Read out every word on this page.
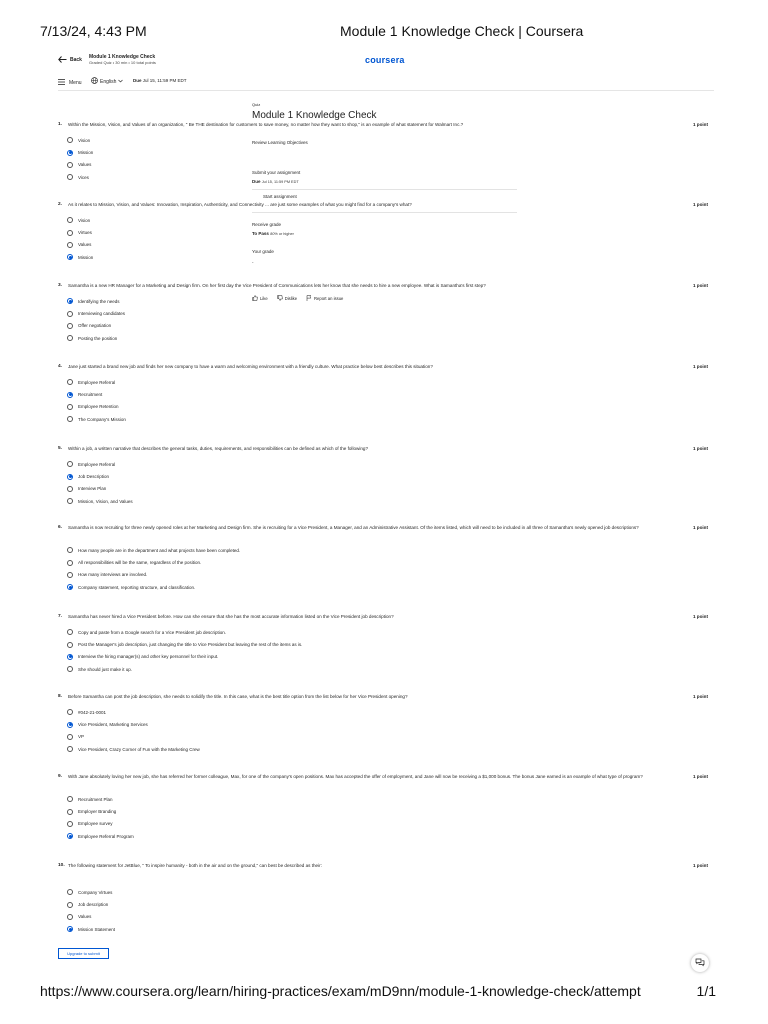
7/13/24, 4:43 PM	Module 1 Knowledge Check | Coursera
Back Module 1 Knowledge Check
Graded Quiz • 30 min • 10 total points	coursera
Menu	English	Due Jul 15, 11:59 PM EDT
Quiz
Module 1 Knowledge Check
Review Learning Objectives
Submit your assignment
Due Jul 15, 11:59 PM EDT
Start assignment
Receive grade
To Pass 80% or higher
Your grade
-
Like	Dislike	Report an issue
1. Within the Mission, Vision, and Values of an organization, " Be THE destination for customers to save money, no matter how they want to shop," is an example of what statement for Walmart Inc.?	1 point
Vision
Mission
Values
Vices
2. As it relates to Mission, Vision, and Values: Innovation, Inspiration, Authenticity, and Connectivity ... are just some examples of what you might find for a company's what?	1 point
Vision
Virtues
Values
Mission
3. Samantha is a new HR Manager for a Marketing and Design firm. On her first day the Vice President of Communications lets her know that she needs to hire a new employee. What is Samantha's first step?	1 point
Identifying the needs
Interviewing candidates
Offer negotiation
Posting the position
4. Jane just started a brand new job and finds her new company to have a warm and welcoming environment with a friendly culture. What practice below best describes this situation?	1 point
Employee Referral
Recruitment
Employee Retention
The Company's Mission
5. Within a job, a written narrative that describes the general tasks, duties, requirements, and responsibilities can be defined as which of the following?	1 point
Employee Referral
Job Description
Interview Plan
Mission, Vision, and Values
6. Samantha is now recruiting for three newly opened roles at her Marketing and Design firm. She is recruiting for a Vice President, a Manager, and an Administrative Assistant. Of the items listed, which will need to be included in all three of Samantha's newly opened job descriptions?	1 point
How many people are in the department and what projects have been completed.
All responsibilities will be the same, regardless of the position.
How many interviews are involved.
Company statement, reporting structure, and classification.
7. Samantha has never hired a Vice President before. How can she ensure that she has the most accurate information listed on the Vice President job description?	1 point
Copy and paste from a Google search for a Vice President job description.
Post the Manager's job description, just changing the title to Vice President but leaving the rest of the items as is.
Interview the hiring manager(s) and other key personnel for their input.
She should just make it up.
8. Before Samantha can post the job description, she needs to solidify the title. In this case, what is the best title option from the list below for her Vice President opening?	1 point
#042-21-0001
Vice President, Marketing Services
VP
Vice President, Crazy Corner of Fun with the Marketing Crew
9. With Jane absolutely loving her new job, she has referred her former colleague, Max, for one of the company's open positions. Max has accepted the offer of employment, and Jane will now be receiving a $1,000 bonus. The bonus Jane earned is an example of what type of program?	1 point
Recruitment Plan
Employer Branding
Employee survey
Employee Referral Program
10. The following statement for JetBlue, " To inspire humanity - both in the air and on the ground," can best be described as their:	1 point
Company Virtues
Job description
Values
Mission Statement
Upgrade to submit
https://www.coursera.org/learn/hiring-practices/exam/mD9nn/module-1-knowledge-check/attempt	1/1
